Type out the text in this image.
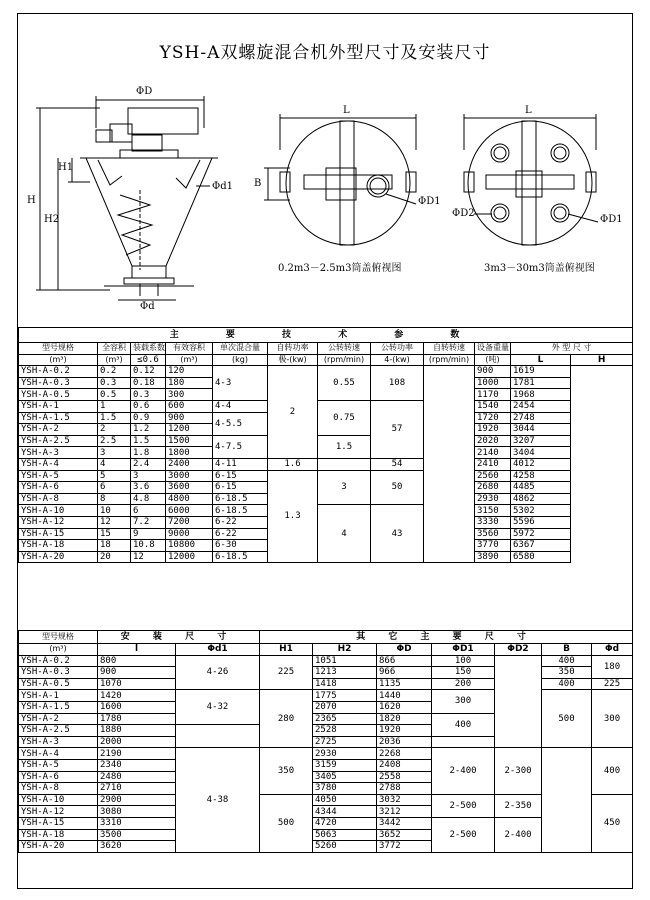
YSH-A双螺旋混合机外型尺寸及安装尺寸
ΦD
H1
H2
H
Φd1
Φd
L
B
ΦD1
0.2m3－2.5m3筒盖俯视图
L
ΦD2
ΦD1
3m3－30m3筒盖俯视图
主 要 技 术 参 数											
型号规格	全容积	装载系数	有效容积	单次混合量	自转功率	公转转速	公转功率	自转转速	设备重量	外 型 尺 寸	
(m³)	(m³)	≤0.6	(m³)	(kg)	极-(kw)	(rpm/min)	4-(kw)	(rpm/min)	(吨)	L	H
YSH-A-0.2	0.2	0.12	120	4-3	2	0.55	108		900	1619	
YSH-A-0.3	0.3	0.18	180						1000	1781	
YSH-A-0.5	0.5	0.3	300						1170	1968	
YSH-A-1	1	0.6	600	4-4		0.75	57		1540	2454	
YSH-A-1.5	1.5	0.9	900	4-5.5					1720	2748	
YSH-A-2	2	1.2	1200						1920	3044	
YSH-A-2.5	2.5	1.5	1500	4-7.5		1.5			2020	3207	
YSH-A-3	3	1.8	1800						2140	3404	
YSH-A-4	4	2.4	2400	4-11	1.6		54		2410	4012	
YSH-A-5	5	3	3000	6-15	1.3	3	50		2560	4258	
YSH-A-6	6	3.6	3600	6-15					2680	4485	
YSH-A-8	8	4.8	4800	6-18.5					2930	4862	
YSH-A-10	10	6	6000	6-18.5		4	43		3150	5302	
YSH-A-12	12	7.2	7200	6-22					3330	5596	
YSH-A-15	15	9	9000	6-22					3560	5972	
YSH-A-18	18	10.8	10800	6-30					3770	6367	
YSH-A-20	20	12	12000	6-18.5					3890	6580	
型号规格	安 装 尺 寸		其 它 主 要 尺 寸						
(m³)	l	Φd1	H1	H2	ΦD	ΦD1	ΦD2	B	Φd
YSH-A-0.2	800	4-26	225	1051	866	100		400	180
YSH-A-0.3	900			1213	966	150		350	
YSH-A-0.5	1070			1418	1135	200		400	225
YSH-A-1	1420	4-32	280	1775	1440	300		500	300
YSH-A-1.5	1600			2070	1620				
YSH-A-2	1780			2365	1820	400			
YSH-A-2.5	1880			2528	1920				
YSH-A-3	2000			2725	2036				
YSH-A-4	2190	4-38	350	2930	2268	2-400	2-300		400
YSH-A-5	2340			3159	2408				
YSH-A-6	2480			3405	2558				
YSH-A-8	2710			3780	2788				
YSH-A-10	2900		500	4050	3032	2-500	2-350		450
YSH-A-12	3080			4344	3212				
YSH-A-15	3310			4720	3442	2-500	2-400		
YSH-A-18	3500			5063	3652				
YSH-A-20	3620			5260	3772				
